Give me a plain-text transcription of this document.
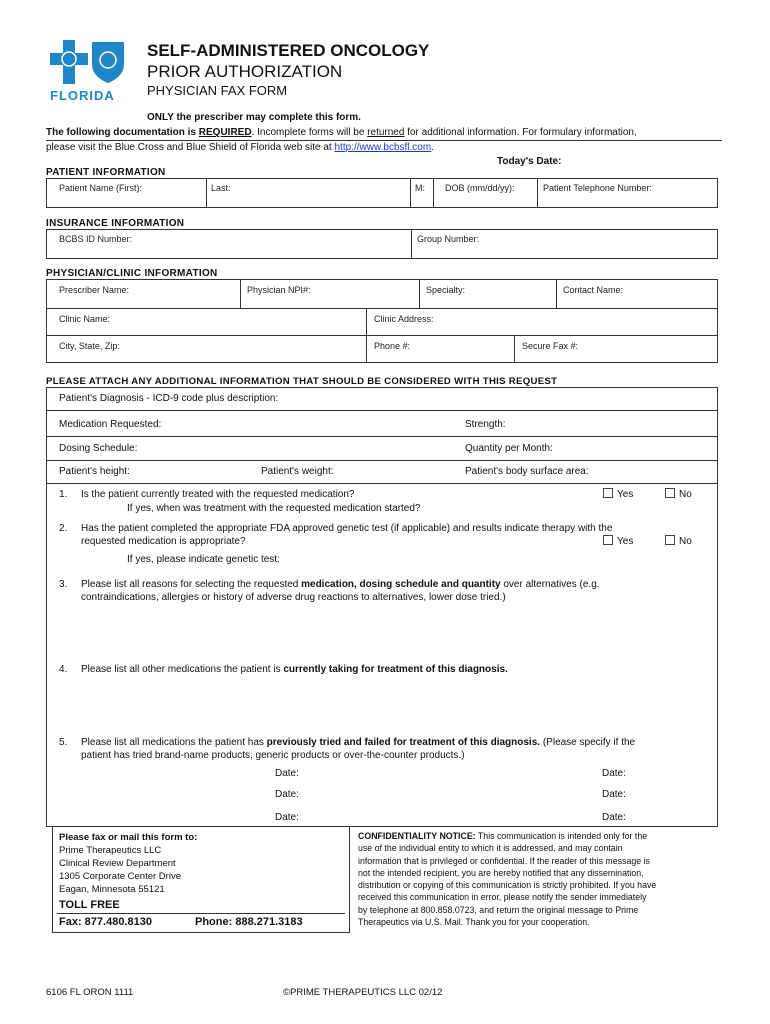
FLORIDA
SELF-ADMINISTERED ONCOLOGY
PRIOR AUTHORIZATION
PHYSICIAN FAX FORM
ONLY the prescriber may complete this form.
The following documentation is REQUIRED. Incomplete forms will be returned for additional information. For formulary information,
please visit the Blue Cross and Blue Shield of Florida web site at http://www.bcbsfl.com.
Today's Date:
PATIENT INFORMATION
Patient Name (First):	Last:	M: DOB (mm/dd/yy):	Patient Telephone Number:
INSURANCE INFORMATION
BCBS ID Number:	Group Number:
PHYSICIAN/CLINIC INFORMATION
Prescriber Name:	Physician NPI#:	Specialty:	Contact Name:
Clinic Name:	Clinic Address:
City, State, Zip:	Phone #:	Secure Fax #:
PLEASE ATTACH ANY ADDITIONAL INFORMATION THAT SHOULD BE CONSIDERED WITH THIS REQUEST
Patient's Diagnosis - ICD-9 code plus description:
Medication Requested:	Strength:
Dosing Schedule:	Quantity per Month:
Patient's height:	Patient's weight:	Patient's body surface area:
1. Is the patient currently treated with the requested medication?	Yes	No
If yes, when was treatment with the requested medication started?
2. Has the patient completed the appropriate FDA approved genetic test (if applicable) and results indicate therapy with the
requested medication is appropriate?	Yes	No
If yes, please indicate genetic test:
3. Please list all reasons for selecting the requested medication, dosing schedule and quantity over alternatives (e.g.
contraindications, allergies or history of adverse drug reactions to alternatives, lower dose tried.)
4. Please list all other medications the patient is currently taking for treatment of this diagnosis.
5. Please list all medications the patient has previously tried and failed for treatment of this diagnosis. (Please specify if the
patient has tried brand-name products, generic products or over-the-counter products.)
Date:	Date:
Date:	Date:
Date:	Date:
Please fax or mail this form to:
Prime Therapeutics LLC
Clinical Review Department
1305 Corporate Center Drive
Eagan, Minnesota 55121
TOLL FREE
Fax: 877.480.8130	Phone: 888.271.3183
CONFIDENTIALITY NOTICE: This communication is intended only for the
use of the individual entity to which it is addressed, and may contain
information that is privileged or confidential. If the reader of this message is
not the intended recipient, you are hereby notified that any dissemination,
distribution or copying of this communication is strictly prohibited. If you have
received this communication in error, please notify the sender immediately
by telephone at 800.858.0723, and return the original message to Prime
Therapeutics via U.S. Mail. Thank you for your cooperation.
6106 FL ORON 1111	©PRIME THERAPEUTICS LLC 02/12
